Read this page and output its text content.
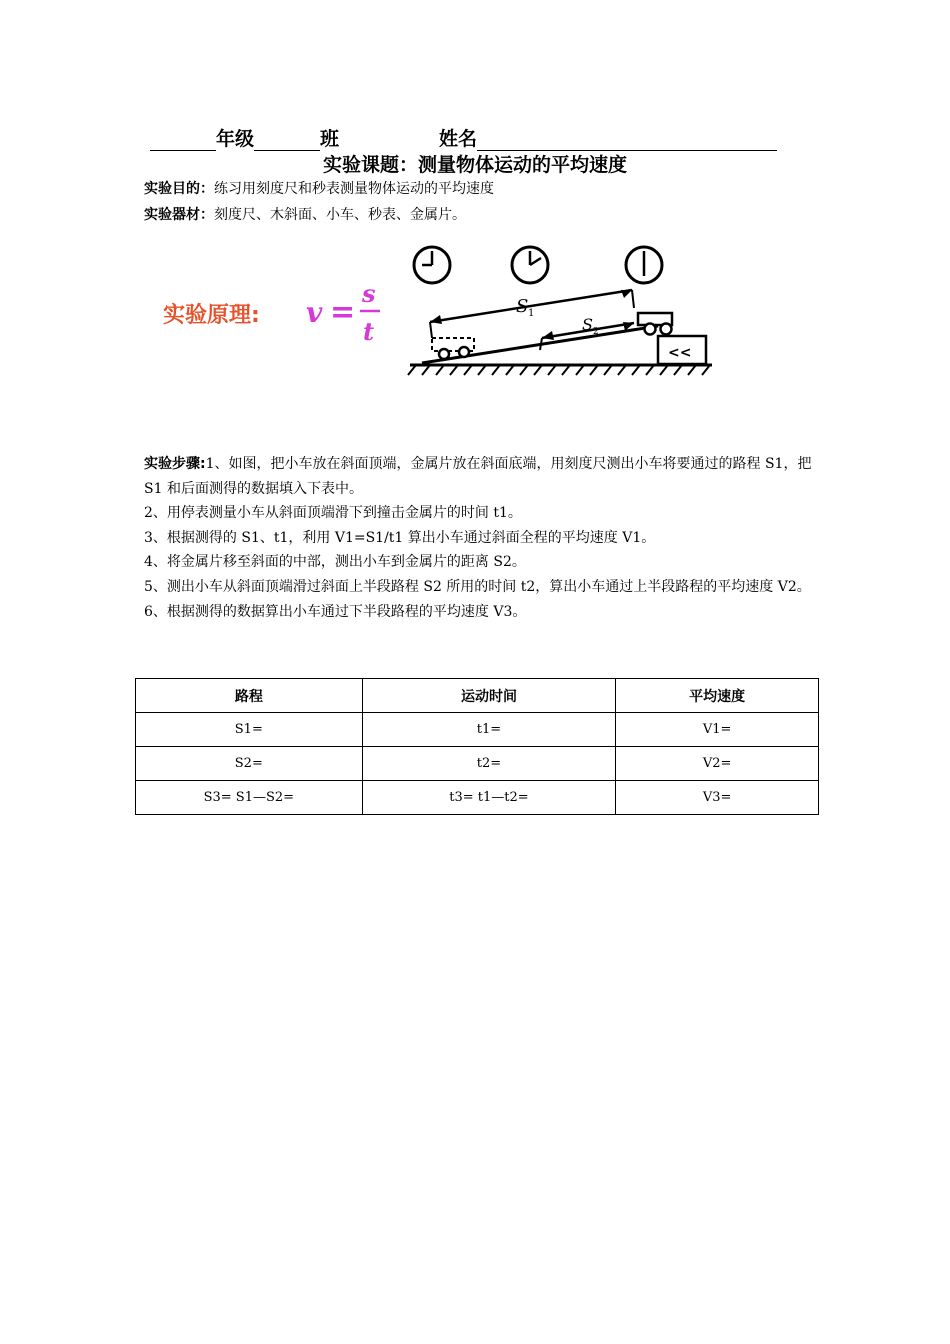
年级	班	姓名
实验课题：测量物体运动的平均速度
实验目的：练习用刻度尺和秒表测量物体运动的平均速度
实验器材：刻度尺、木斜面、小车、秒表、金属片。
实验原理: v =
s
t
<<
S 1
S 2

实验步骤:1、如图，把小车放在斜面顶端，金属片放在斜面底端，用刻度尺测出小车将要通过的路程 S1，把 S1 和后面测得的数据填入下表中。

2、用停表测量小车从斜面顶端滑下到撞击金属片的时间 t1。

3、根据测得的 S1、t1，利用 V1=S1/t1 算出小车通过斜面全程的平均速度 V1。

4、将金属片移至斜面的中部，测出小车到金属片的距离 S2。

5、测出小车从斜面顶端滑过斜面上半段路程 S2 所用的时间 t2，算出小车通过上半段路程的平均速度 V2。

6、根据测得的数据算出小车通过下半段路程的平均速度 V3。

路程	运动时间	平均速度
S1=	t1=	V1=
S2=	t2=	V2=
S3= S1—S2=	t3= t1—t2=	V3=
